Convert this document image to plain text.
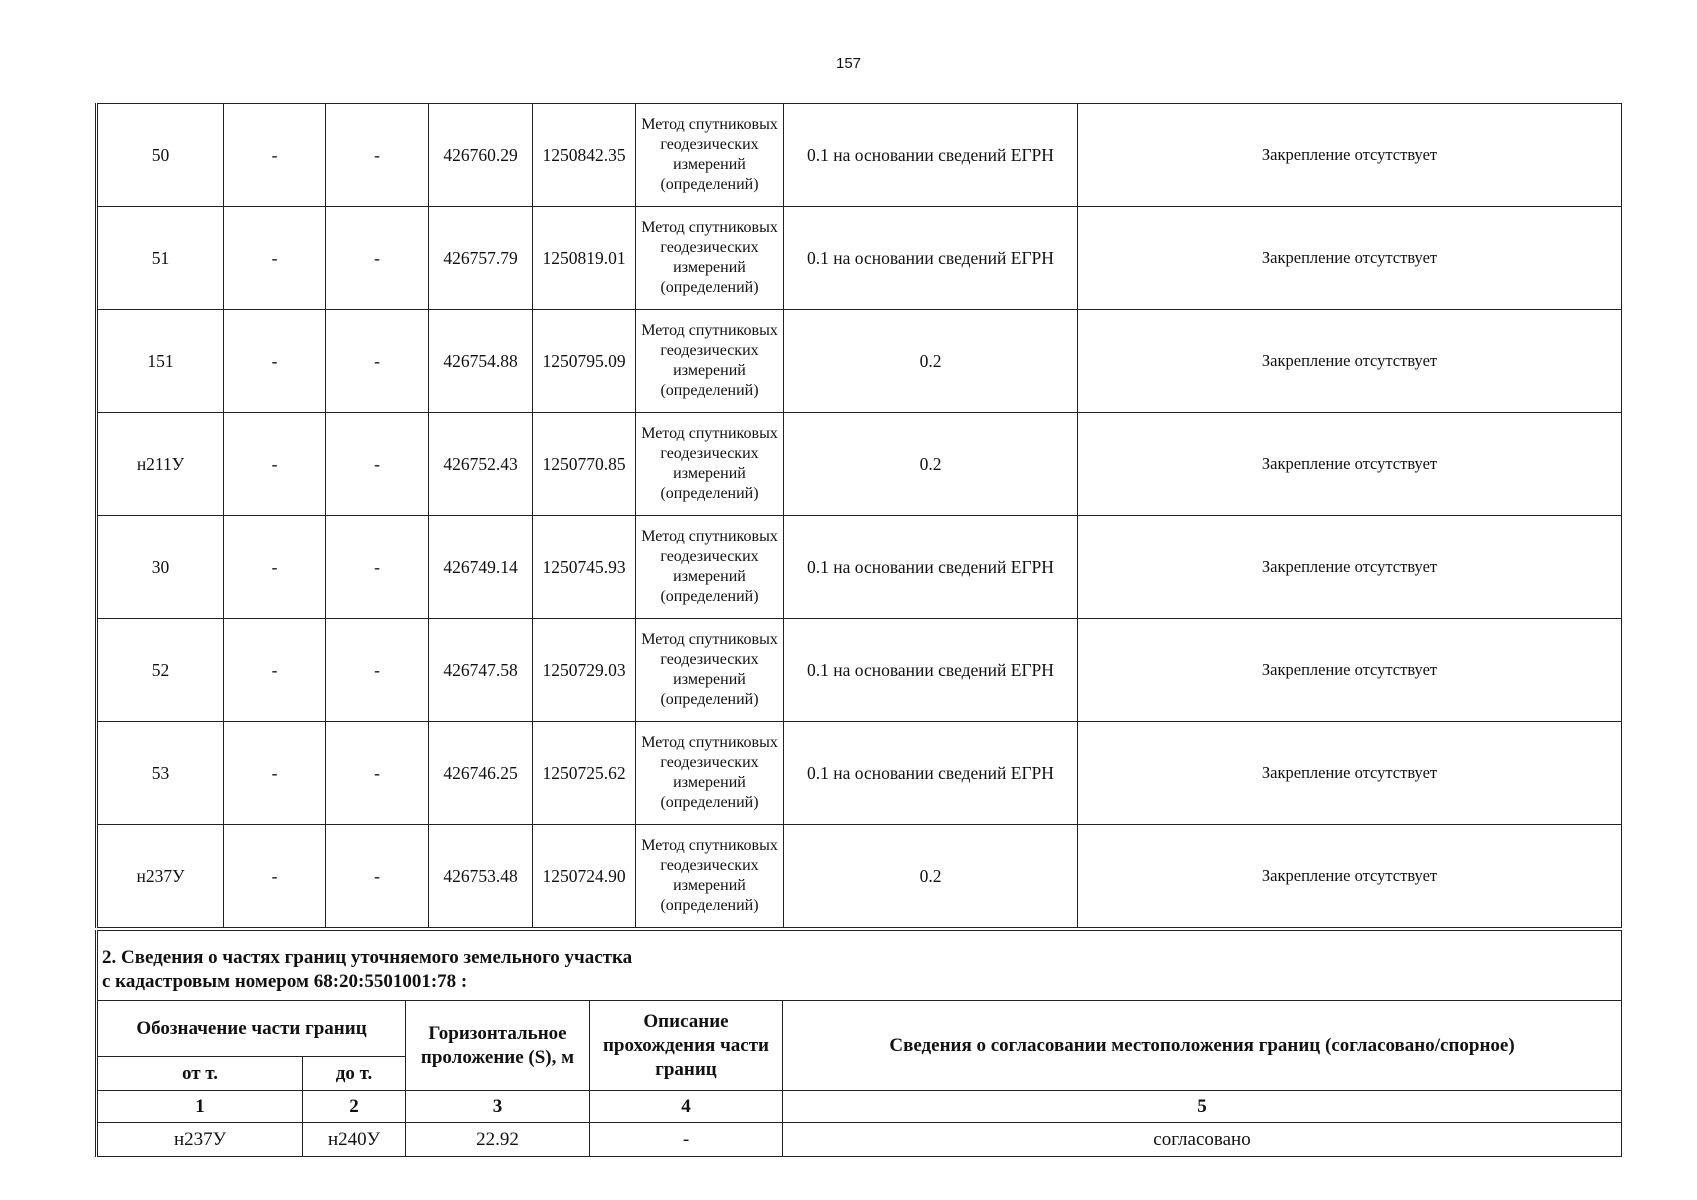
157
50	-	-	426760.29	1250842.35	Метод спутниковых геодезических измерений (определений)	0.1 на основании сведений ЕГРН	Закрепление отсутствует
51	-	-	426757.79	1250819.01	Метод спутниковых геодезических измерений (определений)	0.1 на основании сведений ЕГРН	Закрепление отсутствует
151	-	-	426754.88	1250795.09	Метод спутниковых геодезических измерений (определений)	0.2	Закрепление отсутствует
н211У	-	-	426752.43	1250770.85	Метод спутниковых геодезических измерений (определений)	0.2	Закрепление отсутствует
30	-	-	426749.14	1250745.93	Метод спутниковых геодезических измерений (определений)	0.1 на основании сведений ЕГРН	Закрепление отсутствует
52	-	-	426747.58	1250729.03	Метод спутниковых геодезических измерений (определений)	0.1 на основании сведений ЕГРН	Закрепление отсутствует
53	-	-	426746.25	1250725.62	Метод спутниковых геодезических измерений (определений)	0.1 на основании сведений ЕГРН	Закрепление отсутствует
н237У	-	-	426753.48	1250724.90	Метод спутниковых геодезических измерений (определений)	0.2	Закрепление отсутствует
2. Сведения о частях границ уточняемого земельного участка
с кадастровым номером 68:20:5501001:78 :				

Обозначение части границ		Горизонтальное проложение (S), м	Описание прохождения части границ	Сведения о согласовании местоположения границ (согласовано/спорное)
от т.	до т.			
1	2	3	4	5
н237У	н240У	22.92	-	согласовано
